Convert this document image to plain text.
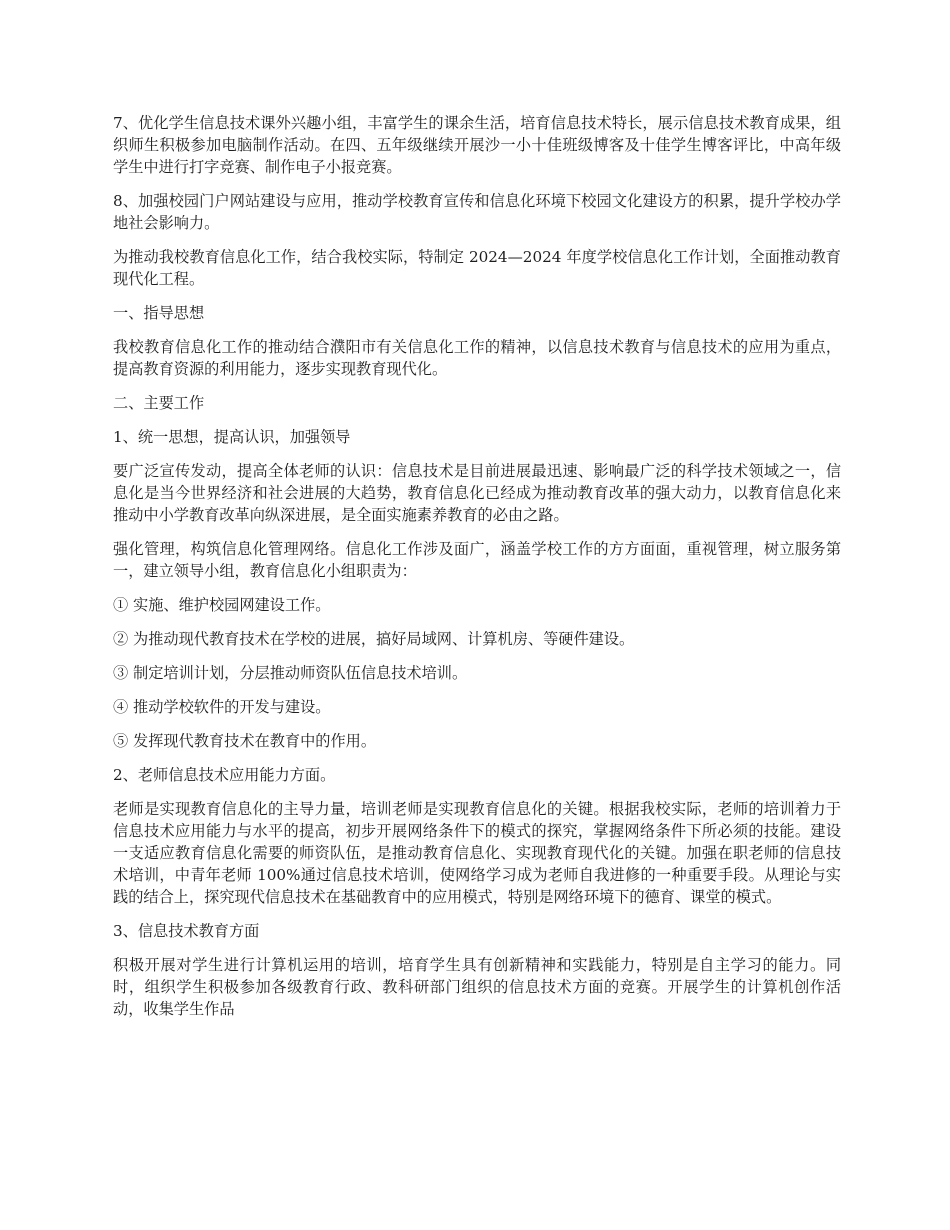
7、优化学生信息技术课外兴趣小组，丰富学生的课余生活，培育信息技术特长，展示信息技术教育成果，组织师生积极参加电脑制作活动。在四、五年级继续开展沙一小十佳班级博客及十佳学生博客评比，中高年级学生中进行打字竞赛、制作电子小报竞赛。

8、加强校园门户网站建设与应用，推动学校教育宣传和信息化环境下校园文化建设方的积累，提升学校办学地社会影响力。

为推动我校教育信息化工作，结合我校实际，特制定 2024—2024 年度学校信息化工作计划，全面推动教育现代化工程。

一、指导思想

我校教育信息化工作的推动结合濮阳市有关信息化工作的精神，以信息技术教育与信息技术的应用为重点，提高教育资源的利用能力，逐步实现教育现代化。

二、主要工作

1、统一思想，提高认识，加强领导

要广泛宣传发动，提高全体老师的认识：信息技术是目前进展最迅速、影响最广泛的科学技术领域之一，信息化是当今世界经济和社会进展的大趋势，教育信息化已经成为推动教育改革的强大动力，以教育信息化来推动中小学教育改革向纵深进展，是全面实施素养教育的必由之路。

强化管理，构筑信息化管理网络。信息化工作涉及面广，涵盖学校工作的方方面面，重视管理，树立服务第一，建立领导小组，教育信息化小组职责为：

① 实施、维护校园网建设工作。

② 为推动现代教育技术在学校的进展，搞好局域网、计算机房、等硬件建设。

③ 制定培训计划，分层推动师资队伍信息技术培训。

④ 推动学校软件的开发与建设。

⑤ 发挥现代教育技术在教育中的作用。

2、老师信息技术应用能力方面。

老师是实现教育信息化的主导力量，培训老师是实现教育信息化的关键。根据我校实际，老师的培训着力于信息技术应用能力与水平的提高，初步开展网络条件下的模式的探究，掌握网络条件下所必须的技能。建设一支适应教育信息化需要的师资队伍，是推动教育信息化、实现教育现代化的关键。加强在职老师的信息技术培训，中青年老师 100%通过信息技术培训，使网络学习成为老师自我进修的一种重要手段。从理论与实践的结合上，探究现代信息技术在基础教育中的应用模式，特别是网络环境下的德育、课堂的模式。

3、信息技术教育方面

积极开展对学生进行计算机运用的培训，培育学生具有创新精神和实践能力，特别是自主学习的能力。同时，组织学生积极参加各级教育行政、教科研部门组织的信息技术方面的竞赛。开展学生的计算机创作活动，收集学生作品
